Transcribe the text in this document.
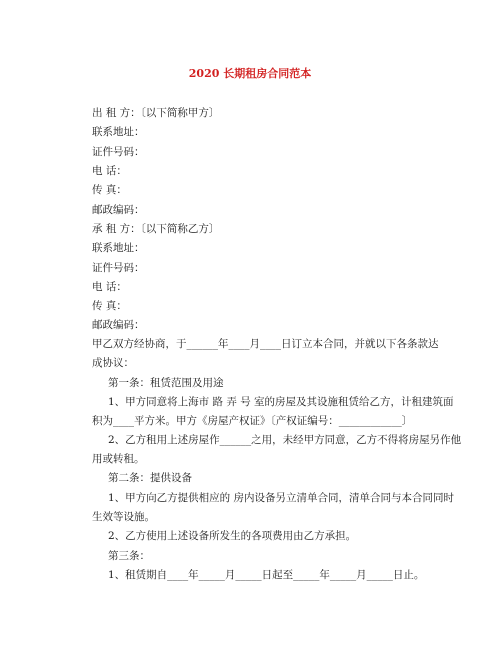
2020 长期租房合同范本
出 租 方：〔以下简称甲方〕
联系地址：
证件号码：
电 话：
传 真：
邮政编码：
承 租 方：〔以下简称乙方〕
联系地址：
证件号码：
电 话：
传 真：
邮政编码：
甲乙双方经协商，于______年____月____日订立本合同，并就以下各条款达
成协议：
第一条：租赁范围及用途
1、甲方同意将上海市 路 弄 号 室的房屋及其设施租赁给乙方，计租建筑面
积为____平方米。甲方《房屋产权证》〔产权证编号：____________〕
2、乙方租用上述房屋作______之用，未经甲方同意，乙方不得将房屋另作他
用或转租。
第二条：提供设备
1、甲方向乙方提供相应的 房内设备另立清单合同，清单合同与本合同同时
生效等设施。
2、乙方使用上述设备所发生的各项费用由乙方承担。
第三条：
1、租赁期自____年_____月_____日起至_____年_____月_____日止。
